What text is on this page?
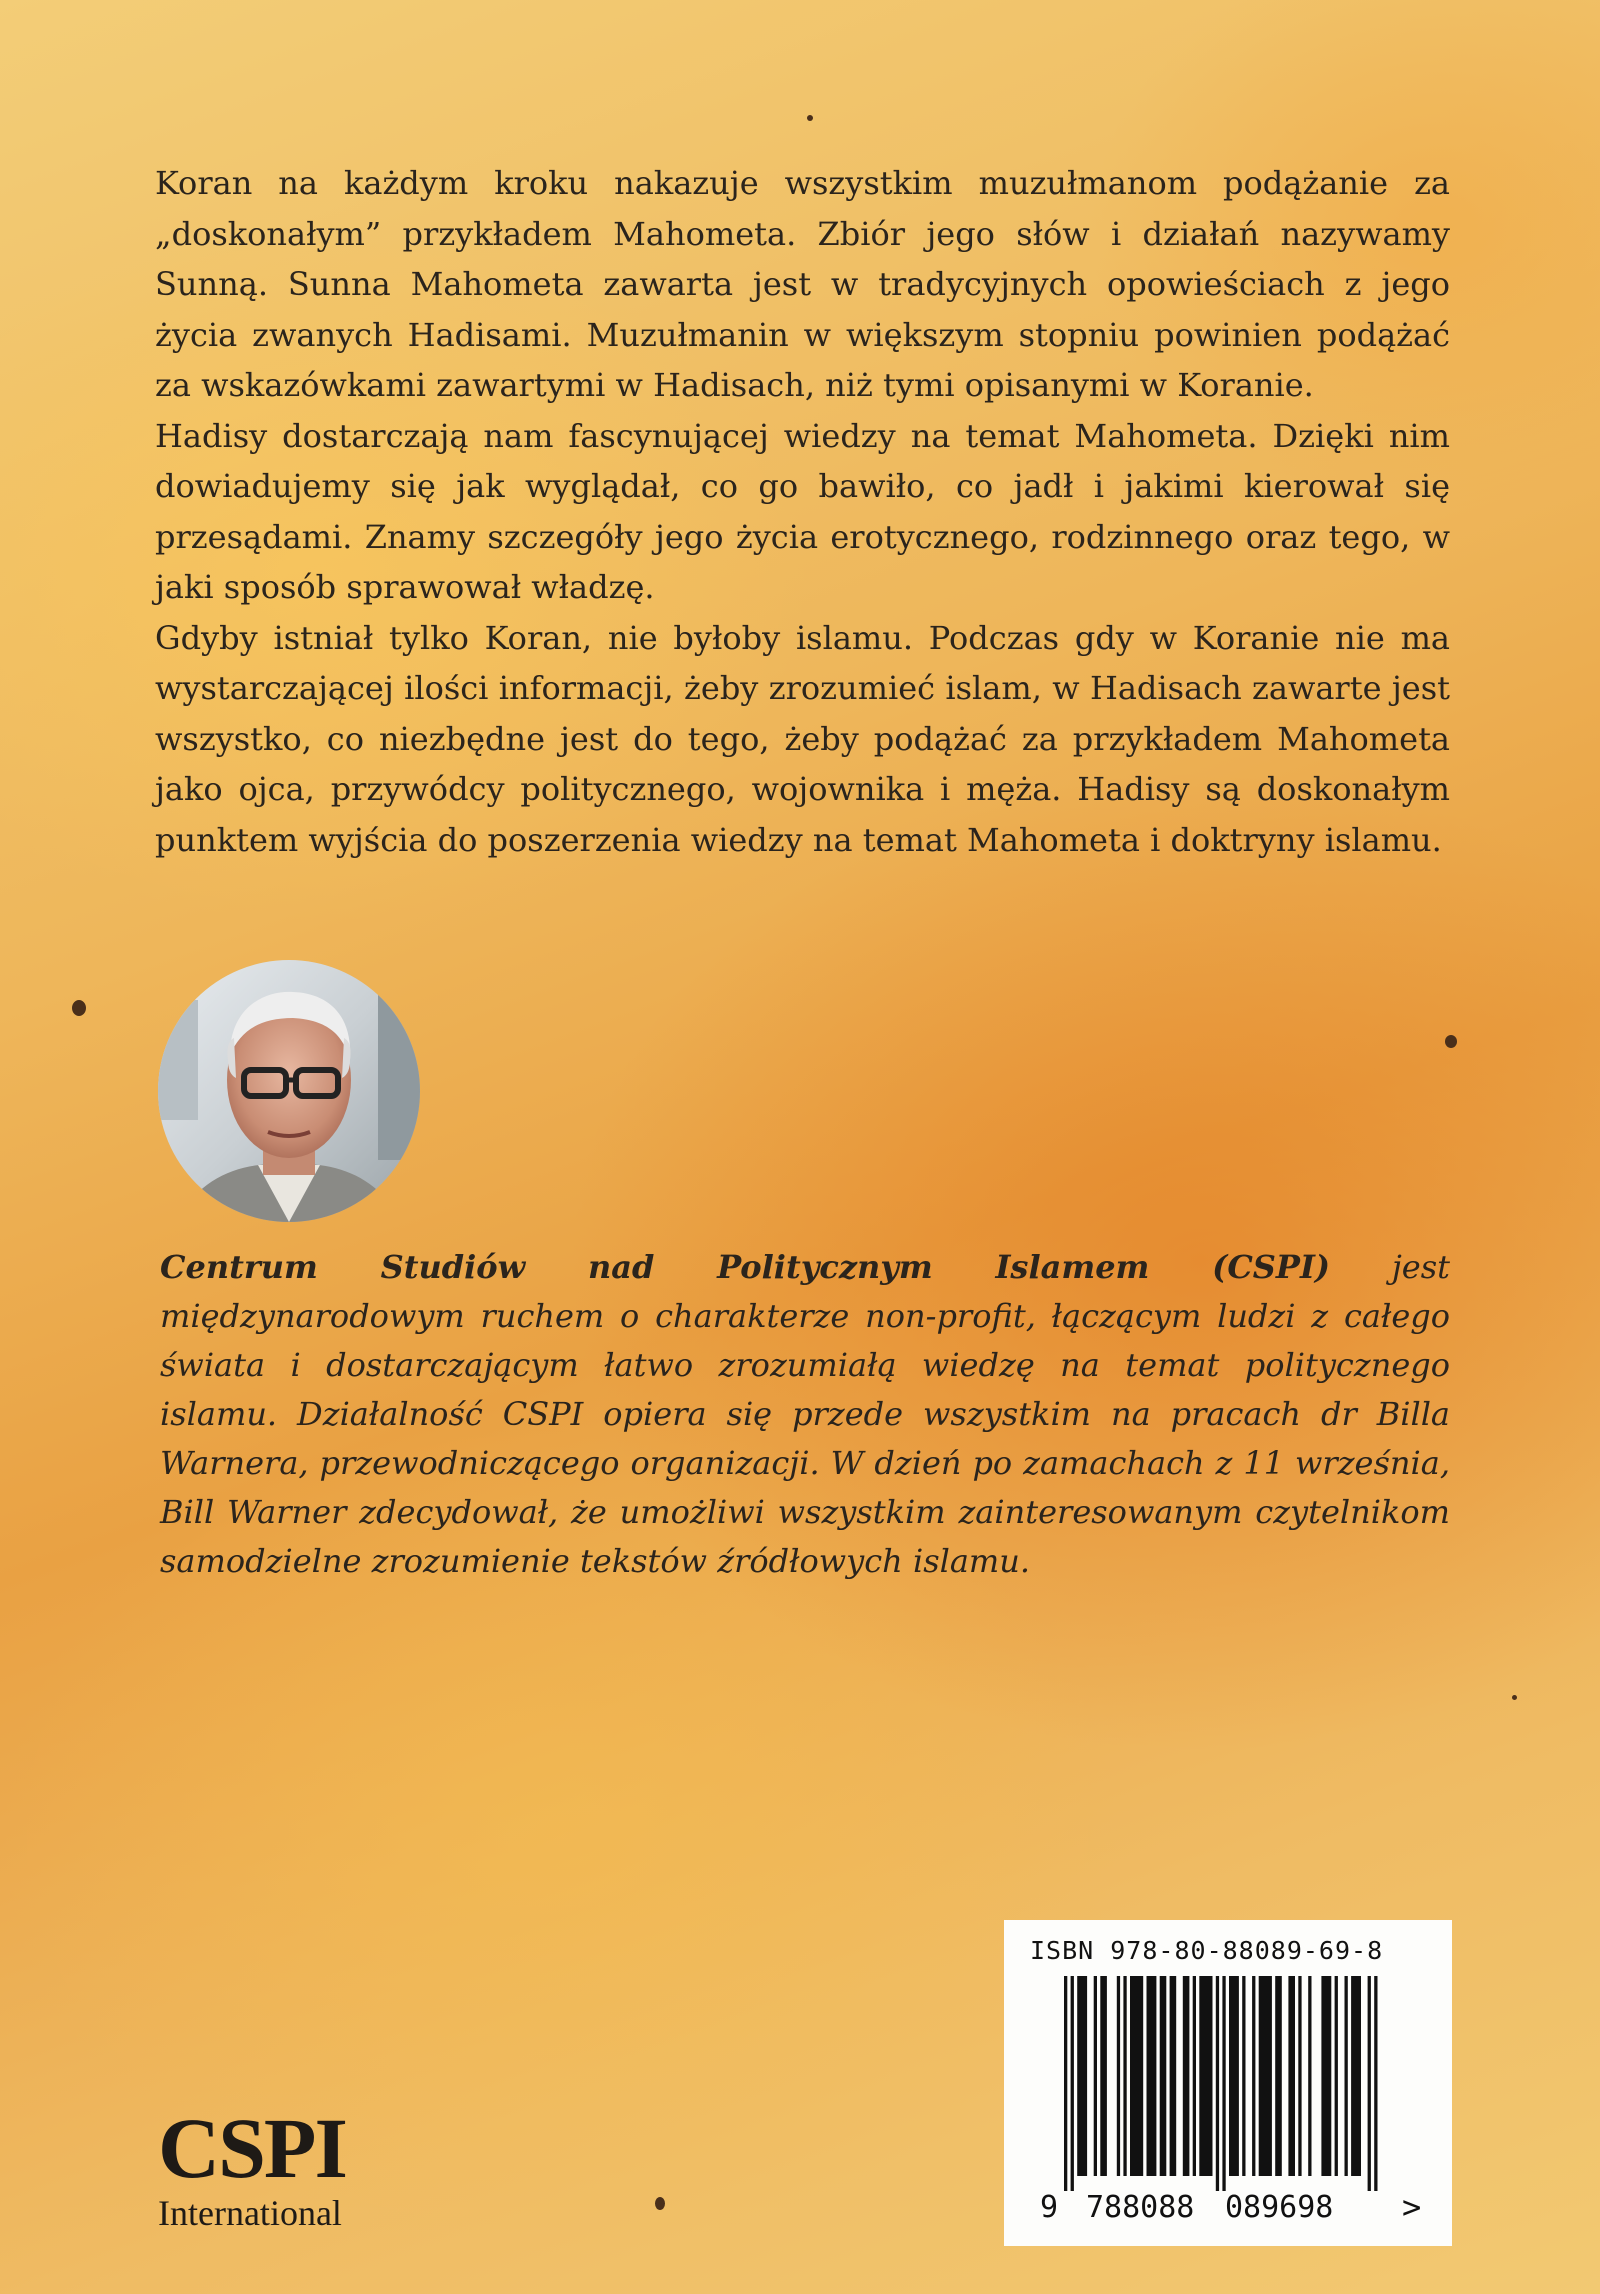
Koran na każdym kroku nakazuje wszystkim muzułmanom podążanie za „doskonałym” przykładem Mahometa. Zbiór jego słów i działań nazywamy Sunną. Sunna Mahometa zawarta jest w tradycyjnych opowieściach z jego życia zwanych Hadisami. Muzułmanin w większym stopniu powinien podążać za wskazówkami zawartymi w Hadisach, niż tymi opisanymi w Koranie.

Hadisy dostarczają nam fascynującej wiedzy na temat Mahometa. Dzięki nim dowiadujemy się jak wyglądał, co go bawiło, co jadł i jakimi kierował się przesądami. Znamy szczegóły jego życia erotycznego, rodzinnego oraz tego, w jaki sposób sprawował władzę.

Gdyby istniał tylko Koran, nie byłoby islamu. Podczas gdy w Koranie nie ma wystarczającej ilości informacji, żeby zrozumieć islam, w Hadisach zawarte jest wszystko, co niezbędne jest do tego, żeby podążać za przykładem Mahometa jako ojca, przywódcy politycznego, wojownika i męża. Hadisy są doskonałym punktem wyjścia do poszerzenia wiedzy na temat Mahometa i doktryny islamu.

Centrum Studiów nad Politycznym Islamem (CSPI) jest międzynarodowym ruchem o charakterze non-profit, łączącym ludzi z całego świata i dostarczającym łatwo zrozumiałą wiedzę na temat politycznego islamu. Działalność CSPI opiera się przede wszystkim na pracach dr Billa Warnera, przewodniczącego organizacji. W dzień po zamachach z 11 września, Bill Warner zdecydował, że umożliwi wszystkim zainteresowanym czytelnikom samodzielne zrozumienie tekstów źródłowych islamu.

CSPI
International
ISBN 978-80-88089-69-8
9 788088 089698 >
